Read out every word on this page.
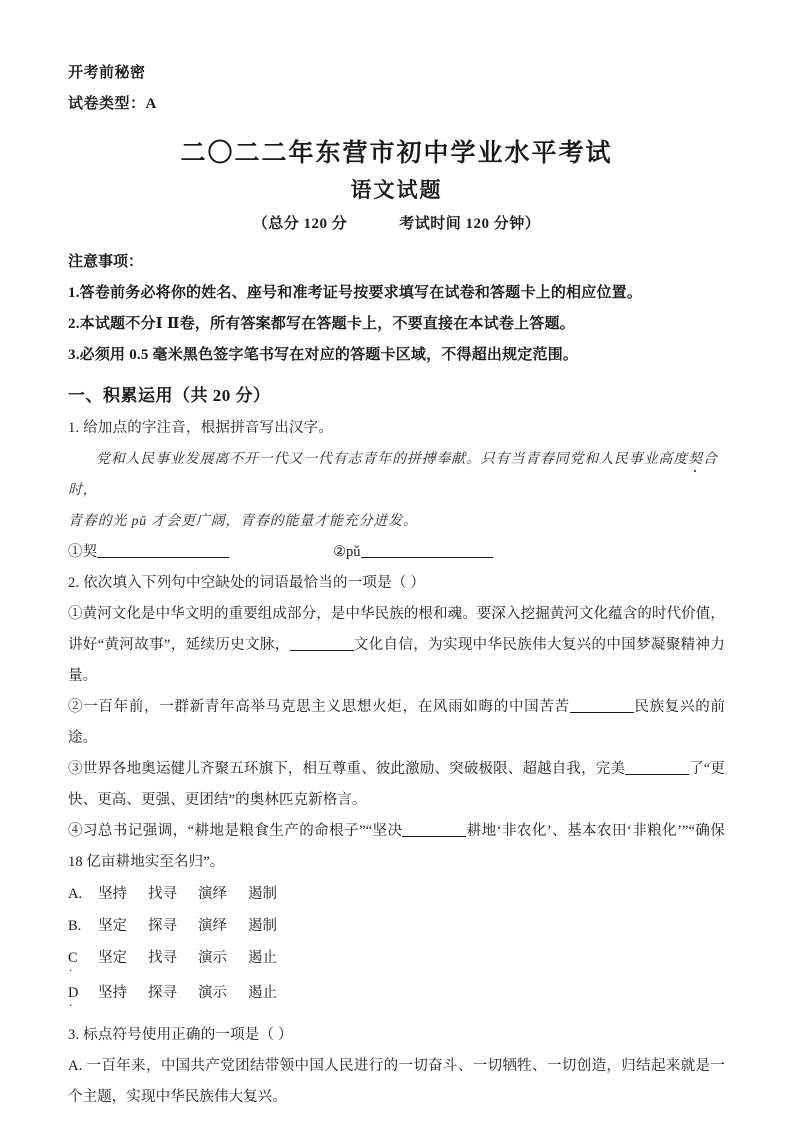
开考前秘密
试卷类型：A
二〇二二年东营市初中学业水平考试
语文试题
（总分 120 分	考试时间 120 分钟）
注意事项：
1.答卷前务必将你的姓名、座号和准考证号按要求填写在试卷和答题卡上的相应位置。
2.本试题不分Ⅰ Ⅱ卷，所有答案都写在答题卡上，不要直接在本试卷上答题。
3.必须用 0.5 毫米黑色签字笔书写在对应的答题卡区域，不得超出规定范围。
一、积累运用（共 20 分）
1. 给加点的字注音，根据拼音写出汉字。
党和人民事业发展离不开一代又一代有志青年的拼搏奉献。只有当青春同党和人民事业高度契合时，
青春的光 pǔ 才会更广阔，青春的能量才能充分迸发。
①契	②pǔ
2. 依次填入下列句中空缺处的词语最恰当的一项是（ ）
①黄河文化是中华文明的重要组成部分，是中华民族的根和魂。要深入挖掘黄河文化蕴含的时代价值，讲好“黄河故事”，延续历史文脉，	文化自信，为实现中华民族伟大复兴的中国梦凝聚精神力量。
②一百年前，一群新青年高举马克思主义思想火炬，在风雨如晦的中国苦苦	民族复兴的前途。
③世界各地奥运健儿齐聚五环旗下，相互尊重、彼此激励、突破极限、超越自我，完美	了“更快、更高、更强、更团结”的奥林匹克新格言。
④习总书记强调，“耕地是粮食生产的命根子”“坚决	耕地‘非农化’、基本农田‘非粮化’”“确保 18 亿亩耕地实至名归”。
A. 坚持 找寻 演绎 遏制
B. 坚定 探寻 演绎 遏制
C . 坚定 找寻 演示 遏止
D . 坚持 探寻 演示 遏止
3. 标点符号使用正确的一项是（ ）
A. 一百年来，中国共产党团结带领中国人民进行的一切奋斗、一切牺牲、一切创造，归结起来就是一个主题，实现中华民族伟大复兴。
